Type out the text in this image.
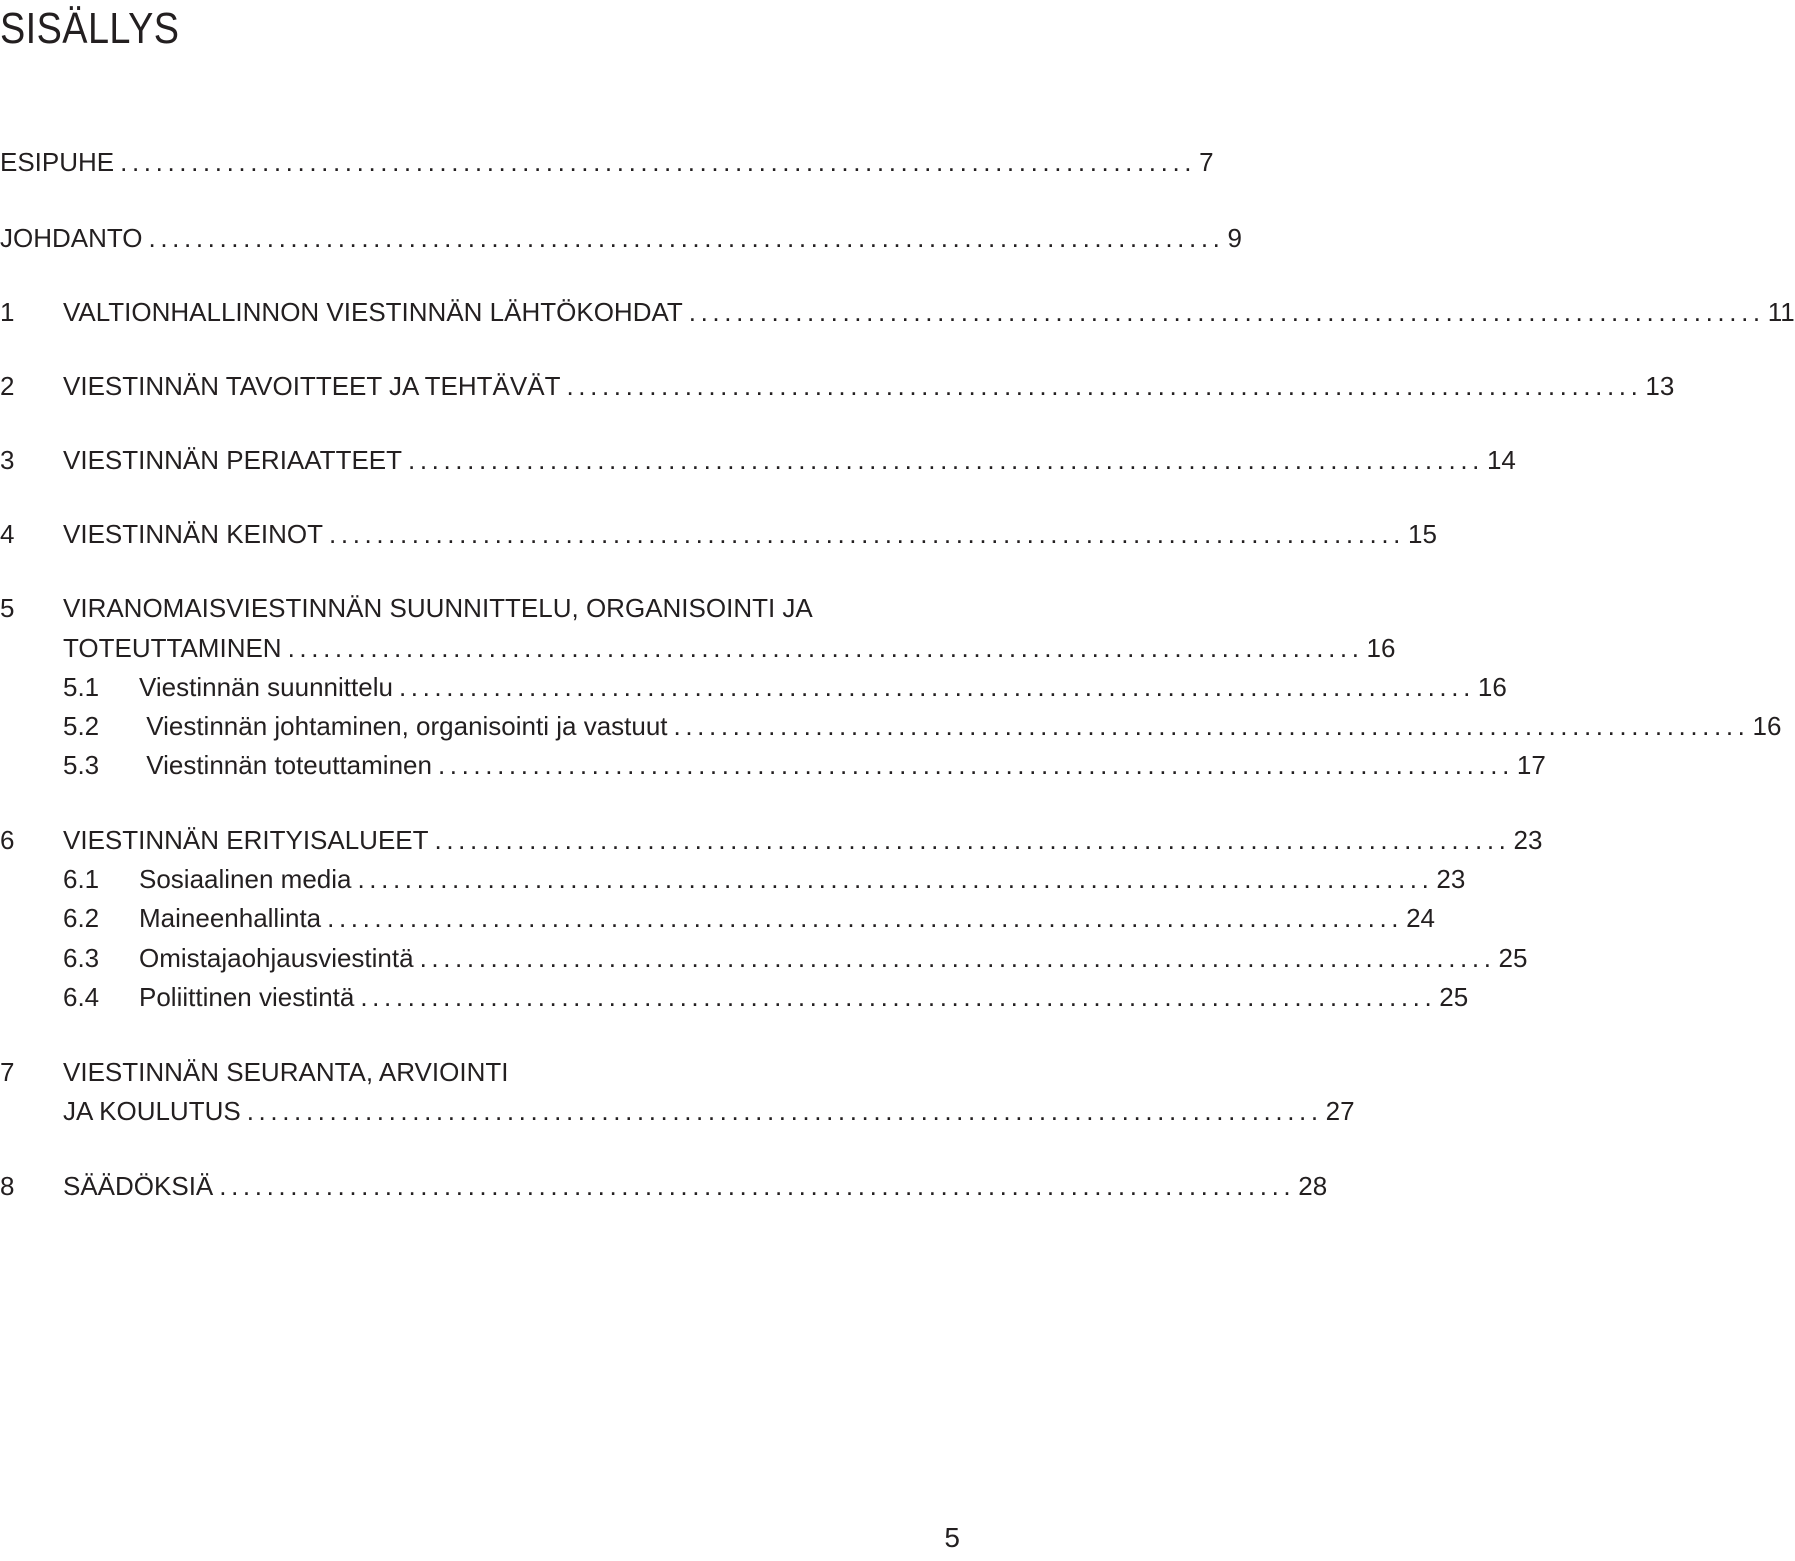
SISÄLLYS
ESIPUHE ........................................................................................... 7
JOHDANTO ........................................................................................... 9
1	VALTIONHALLINNON VIESTINNÄN LÄHTÖKOHDAT ........................................................................................... 11
2	VIESTINNÄN TAVOITTEET JA TEHTÄVÄT ........................................................................................... 13
3	VIESTINNÄN PERIAATTEET ........................................................................................... 14
4	VIESTINNÄN KEINOT ........................................................................................... 15
5	VIRANOMAISVIESTINNÄN SUUNNITTELU, ORGANISOINTI JA
TOTEUTTAMINEN ........................................................................................... 16
5.1	Viestinnän suunnittelu ........................................................................................... 16
5.2	Viestinnän johtaminen, organisointi ja vastuut ........................................................................................... 16
5.3	Viestinnän toteuttaminen ........................................................................................... 17
6	VIESTINNÄN ERITYISALUEET ........................................................................................... 23
6.1	Sosiaalinen media ........................................................................................... 23
6.2	Maineenhallinta ........................................................................................... 24
6.3	Omistajaohjausviestintä ........................................................................................... 25
6.4	Poliittinen viestintä ........................................................................................... 25
7	VIESTINNÄN SEURANTA, ARVIOINTI
JA KOULUTUS ........................................................................................... 27
8	SÄÄDÖKSIÄ ........................................................................................... 28
5
